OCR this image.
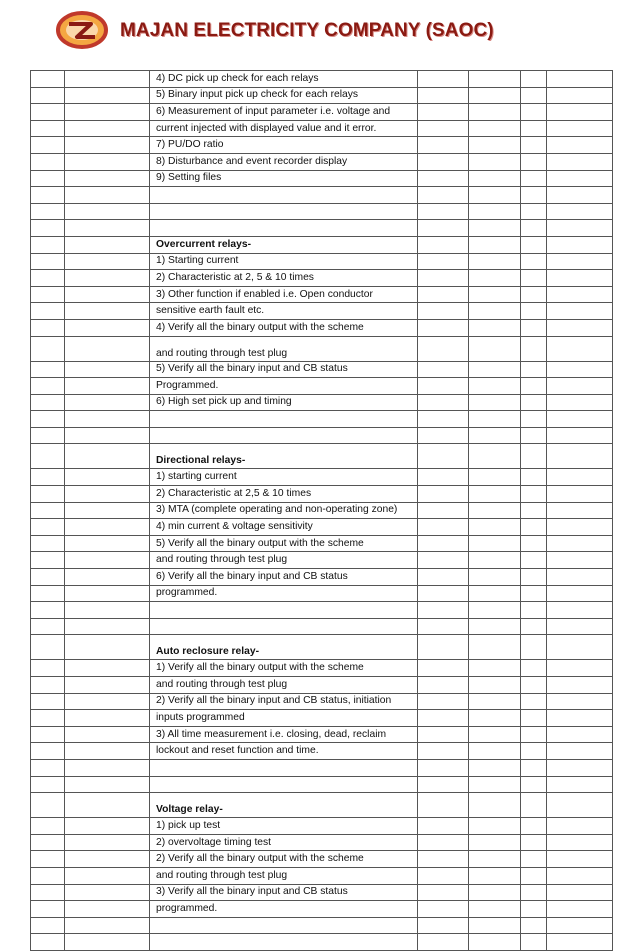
MAJAN ELECTRICITY COMPANY (SAOC)
		4) DC pick up check for each relays				
		5) Binary input pick up check for each relays				
		6) Measurement of input parameter i.e. voltage and				
		current injected with displayed value and it error.				
		7) PU/DO ratio				
		8) Disturbance and event recorder display				
		9) Setting files				

		Overcurrent relays-				
		1) Starting current				
		2) Characteristic at 2, 5 & 10 times				
		3) Other function if enabled i.e. Open conductor				
		sensitive earth fault etc.				
		4) Verify all the binary output with the scheme				
		and routing through test plug				
		5) Verify all the binary input and CB status				
		Programmed.				
		6) High set pick up and timing				

		Directional relays-				
		1) starting current				
		2) Characteristic at 2,5 & 10 times				
		3) MTA (complete operating and non-operating zone)				
		4) min current & voltage sensitivity				
		5) Verify all the binary output with the scheme				
		and routing through test plug				
		6) Verify all the binary input and CB status				
		programmed.				

		Auto reclosure relay-				
		1) Verify all the binary output with the scheme				
		and routing through test plug				
		2) Verify all the binary input and CB status, initiation				
		inputs programmed				
		3) All time measurement i.e. closing, dead, reclaim				
		lockout and reset function and time.				

		Voltage relay-				
		1) pick up test				
		2) overvoltage timing test				
		2) Verify all the binary output with the scheme				
		and routing through test plug				
		3) Verify all the binary input and CB status				
		programmed.				
